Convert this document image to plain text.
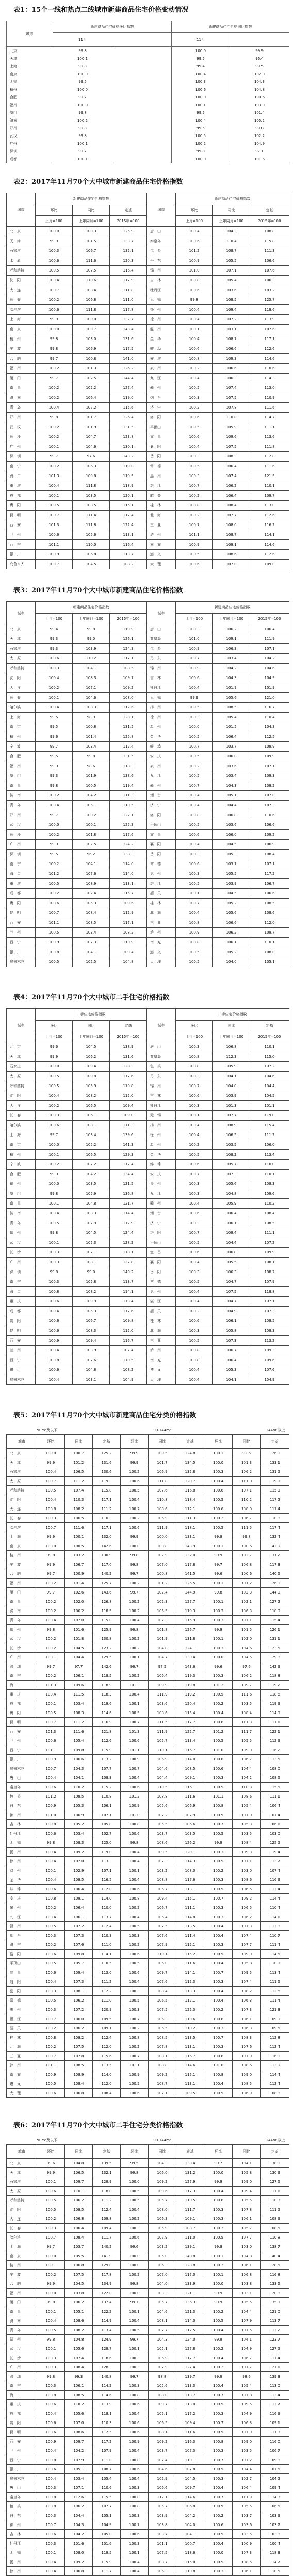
表1：15个一线和热点二线城市新建商品住宅价格变动情况
城市	新建商品住宅价格环比指数		新建商品住宅价格同比指数	
	11月		11月	
北京	99.8		100.0	99.9
天津	100.1		99.5	96.4
上海	99.8		99.4	99.5
南京	100.0		100.4	102.0
无锡	99.5		100.3	104.3
杭州	100.0		100.6	104.8
合肥	99.7		100.0	100.6
福州	100.0		100.1	103.9
厦门	99.8		99.5	101.4
济南	100.2		100.4	105.2
郑州	99.8		99.5	99.8
武汉	99.8		100.5	102.2
广州	100.1		100.2	104.9
深圳	99.7		99.8	97.1
成都	100.1		100.0	101.6
表2：2017年11月70个大中城市新建商品住宅价格指数
城市	新建商品住宅价格指数			城市	新建商品住宅价格指数		
	环比	同比	定基		环比	同比	定基
	上月=100	上年同月=100	2015年=100		上月=100	上年同月=100	2015年=100
北　京	100.0	100.3	125.9	唐　山	100.4	104.3	108.8
天　津	99.9	101.5	133.7	秦皇岛	100.6	110.4	115.8
石家庄	100.3	106.7	132.1	包　头	101.2	108.7	111.3
太　原	100.6	111.6	120.3	丹　东	100.9	105.5	106.6
呼和浩特	100.5	107.5	116.4	锦　州	101.0	107.1	107.6
沈　阳	100.4	110.6	117.9	吉　林	100.8	105.4	106.3
大　连	100.7	108.4	111.8	牡丹江	100.6	103.6	103.2
长　春	100.2	106.8	111.0	无　锡	99.8	108.5	125.7
哈尔滨	100.6	111.8	117.8	扬　州	100.4	109.4	119.6
上　海	99.9	100.0	132.7	徐　州	100.4	107.2	113.9
南　京	100.0	100.7	143.4	温　州	100.1	103.1	107.6
杭　州	99.8	103.0	131.6	金　华	100.4	108.7	117.1
宁　波	99.8	106.9	117.5	蚌　埠	100.6	106.6	112.6
合　肥	99.7	100.8	141.0	安　庆	100.8	109.3	114.6
福　州	100.2	101.3	126.2	泉　州	100.2	106.6	110.6
厦　门	99.7	102.5	144.4	九　江	100.4	106.3	114.3
南　昌	100.2	102.2	127.4	赣　州	100.5	107.4	113.0
济　南	100.2	106.4	119.0	烟　台	100.3	107.5	110.9
青　岛	100.4	107.2	115.6	济　宁	100.2	107.8	111.6
郑　州	99.8	101.7	126.4	洛　阳	100.6	110.0	114.7
武　汉	100.2	101.9	131.5	平顶山	100.5	105.9	111.1
长　沙	100.2	104.7	123.8	宜　昌	100.6	109.6	113.6
广　州	100.1	104.6	130.1	襄　阳	100.4	107.5	111.8
深　圳	99.7	97.6	143.2	岳　阳	100.3	108.3	112.8
南　宁	100.2	106.3	119.0	常　德	100.5	106.4	111.6
海　口	101.3	109.8	119.5	惠　州	100.3	107.4	121.5
重　庆	100.4	111.8	118.9	湛　江	100.7	106.2	110.1
成　都	100.1	103.5	120.1	韶　关	100.2	106.4	109.7
贵　阳	100.5	108.5	115.1	桂　林	100.8	108.4	113.0
昆　明	100.7	111.4	117.4	北　海	100.2	107.7	112.6
西　安	101.3	111.8	122.4	三　亚	100.7	108.0	116.2
兰　州	100.6	105.6	113.1	泸　州	101.1	108.7	114.1
西　宁	101.1	110.0	116.4	南　充	100.9	109.1	114.6
银　川	100.9	106.8	113.7	遵　义	100.5	108.6	112.6
乌鲁木齐	100.7	104.5	108.2	大　理	100.6	107.0	109.0
表3：2017年11月70个大中城市新建商品住宅价格指数
城市	新建商品住宅价格指数			城市	新建商品住宅价格指数		
	上月=100	上年同月=100	2015年=100		上月=100	上年同月=100	2015年=100
北　京	99.4	99.8	119.9	唐　山	100.3	106.2	106.4
天　津	99.3	99.0	126.1	秦皇岛	101.0	109.1	111.9
石家庄	99.3	103.9	124.3	包　头	100.9	106.3	107.1
太　原	100.6	110.2	117.1	丹　东	100.7	103.4	104.2
呼和浩特	100.3	104.1	108.5	锦　州	100.9	104.2	104.6
沈　阳	100.4	108.3	109.7	吉　林	100.6	104.3	104.9
大　连	100.2	107.1	109.2	牡丹江	100.4	101.9	101.9
长　春	100.1	104.6	108.0	无　锡	99.9	105.6	121.0
哈尔滨	100.4	108.3	112.6	扬　州	100.5	108.5	116.7
上　海	99.5	98.9	128.1	徐　州	100.3	105.4	110.4
南　京	99.5	100.8	131.5	温　州	100.0	101.5	104.3
杭　州	99.6	101.4	125.8	金　华	100.5	106.4	112.5
宁　波	99.7	103.4	112.4	蚌　埠	100.7	103.7	108.9
合　肥	99.5	99.8	131.5	安　庆	100.5	106.0	109.9
福　州	99.9	98.6	118.3	泉　州	100.2	103.6	107.1
厦　门	99.3	101.9	138.6	九　江	100.5	103.4	109.3
南　昌	99.8	100.5	119.4	赣　州	100.7	104.3	108.2
济　南	100.2	104.2	111.3	烟　台	100.4	105.1	107.0
青　岛	100.4	105.1	110.5	济　宁	100.4	104.4	107.3
郑　州	99.7	100.2	122.1	洛　阳	100.8	106.8	110.6
武　汉	100.0	100.1	125.3	平顶山	100.5	103.6	106.6
长　沙	100.2	101.8	117.6	宜　昌	100.6	106.0	109.2
广　州	99.9	102.5	124.2	襄　阳	100.4	104.5	106.9
深　圳	99.5	96.2	138.3	岳　阳	100.3	105.3	108.4
南　宁	100.2	104.1	114.0	常　德	100.6	103.7	107.1
海　口	101.2	107.6	114.0	惠　州	100.3	105.5	117.2
重　庆	100.5	108.9	113.1	湛　江	100.5	103.9	106.7
成　都	100.2	102.4	115.7	韶　关	100.1	104.5	106.6
贵　阳	100.6	105.3	109.6	桂　林	100.7	105.2	108.5
昆　明	100.7	108.4	112.9	北　海	100.4	105.6	108.6
西　安	101.1	108.5	117.1	三　亚	100.8	106.6	112.0
兰　州	100.5	103.4	108.2	泸　州	100.9	106.2	109.7
西　宁	100.9	107.3	110.9	南　充	100.8	106.1	110.1
银　川	100.8	104.1	109.4	遵　义	100.5	105.2	108.0
乌鲁木齐	100.5	102.5	104.8	大　理	100.5	104.0	105.1
表4：2017年11月70个大中城市二手住宅价格指数
城市	二手住宅价格指数			城市	二手住宅价格指数		
	环比	同比	定基		环比	同比	定基
	上月=100	上年同月=100	2015年=100		上月=100	上年同月=100	2015年=100
北　京	99.6	104.5	138.9	唐　山	100.3	106.8	110.1
天　津	99.9	106.2	131.6	秦皇岛	100.8	112.3	115.0
石家庄	100.0	109.4	128.3	包　头	100.8	105.9	107.2
太　原	100.5	109.8	117.6	丹　东	100.3	104.1	104.6
呼和浩特	100.5	105.9	110.8	锦　州	100.7	104.0	104.4
沈　阳	100.4	108.2	112.0	吉　林	100.6	103.9	104.5
大　连	100.2	106.5	109.4	牡丹江	100.3	101.3	101.1
长　春	100.3	106.1	109.0	无　锡	100.1	107.7	119.0
哈尔滨	100.6	108.1	111.3	扬　州	100.4	108.9	115.4
上　海	99.7	103.4	139.6	徐　州	100.4	106.5	111.2
南　京	100.0	105.2	141.3	温　州	100.2	103.5	106.0
杭　州	100.1	106.5	129.3	金　华	100.5	108.2	113.4
宁　波	100.2	107.2	117.4	蚌　埠	100.6	105.7	110.0
合　肥	99.9	104.2	134.4	安　庆	100.7	107.3	110.1
福　州	100.0	103.5	121.5	泉　州	100.3	105.6	108.3
厦　门	99.8	105.9	136.8	九　江	100.3	104.8	109.6
南　昌	100.1	104.8	121.7	赣　州	100.4	105.9	110.2
济　南	100.4	108.3	114.4	烟　台	100.6	106.4	108.4
青　岛	100.5	107.9	112.9	济　宁	100.3	106.1	108.5
郑　州	99.8	104.5	124.4	洛　阳	100.7	108.4	111.1
武　汉	100.1	105.3	128.2	平顶山	100.5	104.4	107.2
长　沙	100.3	107.1	118.1	宜　昌	100.6	106.8	109.9
广　州	100.3	108.1	127.8	襄　阳	100.4	105.5	108.1
深　圳	99.8	99.0	140.2	岳　阳	100.3	106.3	108.7
南　宁	100.3	105.8	113.7	常　德	100.5	104.7	107.9
海　口	100.8	108.2	114.1	惠　州	100.4	107.5	118.8
重　庆	100.6	109.9	113.4	湛　江	100.4	104.7	107.1
成　都	100.4	105.3	117.6	韶　关	100.2	104.9	107.3
贵　阳	100.6	106.7	109.8	桂　林	100.6	106.1	108.5
昆　明	100.6	108.3	112.0	北　海	100.3	105.8	108.3
西　安	100.9	109.4	116.7	三　亚	100.5	107.3	113.2
兰　州	100.4	103.9	107.4	泸　州	100.8	106.7	109.3
西　宁	100.8	107.6	110.5	南　充	100.8	106.4	109.6
银　川	100.6	104.8	108.2	遵　义	100.4	105.3	107.6
乌鲁木齐	100.4	103.1	104.9	大　理	100.4	104.1	104.9
表5：2017年11月70个大中城市新建商品住宅分类价格指数
	90m²及以下			90-144m²			144m²以上		
城市	环比	同比	定基	环比	同比	定基	环比	同比	定基
北　京	100.0	100.7	125.2	99.9	100.5	124.8	100.1	99.6	126.0
天　津	99.9	101.2	131.6	99.9	101.7	134.5	100.0	101.3	133.1
石家庄	100.4	106.5	130.6	100.2	106.9	132.8	100.3	106.2	131.5
太　原	100.7	111.2	119.3	100.6	111.8	120.7	100.4	111.0	119.9
呼和浩特	100.5	107.4	115.8	100.5	107.6	116.8	100.6	107.1	115.9
沈　阳	100.4	110.3	117.1	100.4	110.8	118.4	100.5	110.2	117.2
大　连	100.8	108.2	111.2	100.7	108.6	112.1	100.6	108.0	111.4
长　春	100.3	106.5	110.3	100.2	106.9	111.3	100.2	106.7	110.8
哈尔滨	100.7	111.6	117.1	100.6	111.9	118.1	100.5	111.5	117.4
上　海	99.9	100.1	132.0	99.9	100.0	133.1	99.8	99.8	132.4
南　京	100.0	100.5	142.6	100.0	100.8	143.9	100.1	100.6	142.9
杭　州	99.8	103.2	130.9	99.8	102.9	132.0	99.9	102.7	131.2
宁　波	99.9	106.7	117.0	99.8	107.0	117.8	99.7	106.8	117.3
合　肥	99.7	100.9	140.2	99.7	100.8	141.5	99.6	100.6	140.6
福　州	100.2	101.4	125.7	100.2	101.2	126.5	100.1	101.2	126.0
厦　门	99.7	102.6	143.6	99.7	102.4	144.9	99.8	102.3	144.0
南　昌	100.2	102.0	126.8	100.2	102.3	127.7	100.1	102.1	127.2
济　南	100.2	106.2	118.5	100.2	106.5	119.3	100.3	106.3	118.9
青　岛	100.4	107.0	115.0	100.4	107.3	115.9	100.3	107.1	115.4
郑　州	99.8	101.6	125.9	99.8	101.8	126.7	99.9	101.5	126.1
武　汉	100.2	101.8	130.8	100.2	101.9	131.8	100.1	102.0	131.1
长　沙	100.2	104.5	123.2	100.2	104.8	124.1	100.3	104.6	123.5
广　州	100.1	104.4	129.5	100.1	104.7	130.4	100.0	104.5	129.8
深　圳	99.7	97.7	142.6	99.7	97.5	143.6	99.6	97.6	142.9
南　宁	100.2	106.1	118.5	100.2	106.4	119.3	100.3	106.2	118.8
海　口	101.3	109.6	118.9	101.3	109.9	119.8	101.2	109.7	119.2
重　庆	100.4	111.5	118.3	100.4	111.9	119.2	100.5	111.6	118.6
成　都	100.1	103.4	119.6	100.1	103.6	120.4	100.2	103.5	119.9
贵　阳	100.5	108.3	114.6	100.5	108.6	115.4	100.4	108.4	114.9
昆　明	100.7	111.2	116.9	100.7	111.5	117.7	100.6	111.3	117.1
西　安	101.3	111.6	121.8	101.3	111.9	122.7	101.2	111.7	122.1
兰　州	100.6	105.4	112.6	100.6	105.7	113.4	100.5	105.5	112.9
西　宁	101.1	109.8	115.9	101.1	110.1	116.7	101.0	109.9	116.2
银　川	100.9	106.6	113.2	100.9	106.9	114.0	100.8	106.7	113.5
乌鲁木齐	100.7	104.3	107.7	100.7	104.6	108.5	100.6	104.4	108.0
唐　山	100.4	104.1	108.3	100.4	104.4	109.1	100.3	104.2	108.6
秦皇岛	100.6	110.2	115.2	100.6	110.5	116.1	100.5	110.3	115.5
包　头	101.2	108.5	110.8	101.2	108.8	111.6	101.1	108.6	111.1
丹　东	100.9	105.3	106.1	100.9	105.6	106.9	100.8	105.4	106.4
锦　州	101.0	106.9	107.1	101.0	107.2	107.9	100.9	107.0	107.4
吉　林	100.8	105.2	105.8	100.8	105.5	106.6	100.7	105.3	106.1
牡丹江	100.6	103.4	102.7	100.6	103.7	103.5	100.5	103.5	103.0
无　锡	99.8	108.3	125.0	99.8	108.6	126.2	99.9	108.4	125.5
扬　州	100.4	109.2	119.0	100.4	109.5	120.1	100.3	109.3	119.4
徐　州	100.4	107.0	113.3	100.4	107.3	114.3	100.5	107.1	113.7
温　州	100.1	102.9	107.1	100.1	103.2	108.0	100.2	103.0	107.4
金　华	100.4	108.5	116.5	100.4	108.8	117.6	100.3	108.6	116.9
蚌　埠	100.6	106.4	112.0	100.6	106.7	113.1	100.5	106.5	112.4
安　庆	100.8	109.1	114.0	100.8	109.4	115.1	100.7	109.2	114.4
泉　州	100.2	106.4	110.0	100.2	106.7	111.1	100.3	106.5	110.4
九　江	100.4	106.1	113.7	100.4	106.4	114.8	100.3	106.2	114.1
赣　州	100.5	107.2	112.4	100.5	107.5	113.5	100.4	107.3	112.8
烟　台	100.3	107.3	110.3	100.3	107.6	111.4	100.4	107.4	110.7
济　宁	100.2	107.6	111.0	100.2	107.9	112.1	100.3	107.7	111.4
洛　阳	100.6	109.8	114.1	100.6	110.1	115.2	100.5	109.9	114.5
平顶山	100.5	105.7	110.5	100.5	106.0	111.6	100.4	105.8	110.9
宜　昌	100.6	109.4	113.0	100.6	109.7	114.1	100.7	109.5	113.4
襄　阳	100.4	107.3	111.2	100.4	107.6	112.3	100.3	107.4	111.6
岳　阳	100.3	108.1	112.2	100.3	108.4	113.3	100.4	108.2	112.6
常　德	100.5	106.2	111.0	100.5	106.5	112.1	100.4	106.3	111.4
惠　州	100.3	107.2	120.9	100.3	107.5	122.0	100.2	107.3	121.3
湛　江	100.7	106.0	109.5	100.7	106.3	110.6	100.6	106.1	109.9
韶　关	100.2	106.2	109.1	100.2	106.5	110.2	100.3	106.3	109.5
桂　林	100.8	108.2	112.4	100.8	108.5	113.5	100.7	108.3	112.8
北　海	100.2	107.5	112.0	100.2	107.8	113.1	100.3	107.6	112.4
三　亚	100.7	107.8	115.6	100.7	108.1	116.7	100.6	107.9	116.0
泸　州	101.1	108.5	113.5	101.1	108.8	114.6	101.0	108.6	113.9
南　充	100.9	108.9	114.0	100.9	109.2	115.1	100.8	109.0	114.4
遵　义	100.5	108.4	112.0	100.5	108.7	113.1	100.4	108.5	112.4
大　理	100.6	106.8	108.4	100.6	107.1	109.5	100.5	106.9	108.8
表6：2017年11月70个大中城市二手住宅分类价格指数
	90m²及以下			90-144m²			144m²以上		
城市	环比	同比	定基	环比	同比	定基	环比	同比	定基
北　京	99.6	104.8	139.5	99.5	104.3	138.4	99.7	104.1	138.0
天　津	99.9	106.5	132.1	99.8	106.0	131.2	100.0	105.8	130.9
石家庄	100.1	109.7	128.9	100.0	109.2	127.9	99.9	109.0	127.6
太　原	100.6	110.1	118.0	100.5	109.6	117.3	100.4	109.4	117.1
呼和浩特	100.5	106.2	111.2	100.5	105.7	110.5	100.6	105.5	110.3
沈　阳	100.5	108.5	112.4	100.4	108.0	111.7	100.3	107.8	111.5
大　连	100.2	106.8	109.8	100.2	106.3	109.1	100.3	106.1	108.9
长　春	100.3	106.4	109.4	100.3	105.9	108.7	100.2	105.7	108.5
哈尔滨	100.7	108.4	111.7	100.6	107.9	111.0	100.5	107.7	110.8
上　海	99.7	103.7	140.2	99.6	103.2	139.1	99.8	103.0	138.7
南　京	100.0	105.5	141.9	100.0	105.0	140.8	100.1	104.8	140.4
杭　州	100.1	106.8	129.8	100.0	106.3	128.8	100.2	106.1	128.5
宁　波	100.2	107.5	117.8	100.2	107.0	117.0	100.1	106.8	116.8
合　肥	99.9	104.5	134.9	99.8	104.0	133.9	100.0	103.8	133.6
福　州	100.0	103.8	122.0	100.0	103.3	121.1	99.9	103.1	120.8
厦　门	99.8	106.2	137.4	99.7	105.7	136.3	99.9	105.5	135.9
南　昌	100.1	105.1	122.2	100.1	104.6	121.3	100.2	104.4	121.0
济　南	100.4	108.6	114.9	100.4	108.1	114.0	100.5	107.9	113.7
青　岛	100.5	108.2	113.4	100.5	107.7	112.5	100.4	107.5	112.2
郑　州	99.8	104.8	124.9	99.7	104.3	124.0	99.9	104.1	123.7
武　汉	100.1	105.6	128.7	100.1	105.1	127.8	100.2	104.9	127.5
长　沙	100.3	107.4	118.6	100.3	106.9	117.7	100.4	106.7	117.4
广　州	100.3	108.4	128.3	100.3	107.9	127.4	100.2	107.7	127.1
深　圳	99.8	99.3	140.8	99.7	98.8	139.7	99.9	98.6	139.3
南　宁	100.3	106.1	114.2	100.3	105.6	113.3	100.4	105.4	113.0
海　口	100.8	108.5	114.6	100.8	108.0	113.7	100.7	107.8	113.4
重　庆	100.6	110.2	113.9	100.6	109.7	113.0	100.5	109.5	112.7
成　都	100.4	105.6	118.1	100.4	105.1	117.2	100.3	104.9	116.9
贵　阳	100.6	107.0	110.3	100.6	106.5	109.4	100.7	106.3	109.1
昆　明	100.6	108.6	112.5	100.6	108.1	111.6	100.5	107.9	111.3
西　安	100.9	109.7	117.2	100.9	109.2	116.3	100.8	109.0	116.0
兰　州	100.4	104.2	107.9	100.4	103.7	107.0	100.3	103.5	106.7
西　宁	100.8	107.9	111.0	100.8	107.4	110.1	100.7	107.2	109.8
银　川	100.6	105.1	108.7	100.6	104.6	107.8	100.5	104.4	107.5
乌鲁木齐	100.4	103.4	105.4	100.4	102.9	104.5	100.3	102.7	104.2
唐　山	100.3	107.1	110.6	100.3	106.6	109.7	100.4	106.4	109.4
秦皇岛	100.8	112.6	115.5	100.8	112.1	114.6	100.7	111.9	114.3
包　头	100.8	106.2	107.7	100.8	105.7	106.8	100.9	105.5	106.5
丹　东	100.3	104.4	105.1	100.3	103.9	104.2	100.2	103.7	103.9
锦　州	100.7	104.3	104.9	100.7	103.8	104.0	100.6	103.6	103.7
吉　林	100.6	104.2	105.0	100.6	103.7	104.1	100.5	103.5	103.8
牡丹江	100.3	101.6	101.6	100.3	101.1	100.7	100.4	100.9	100.4
无　锡	100.1	108.0	119.5	100.1	107.5	118.6	100.0	107.3	118.3
扬　州	100.4	109.2	115.9	100.4	108.7	115.0	100.5	108.5	114.7
徐　州	100.4	106.8	111.7	100.4	106.3	110.8	100.3	106.1	110.5
